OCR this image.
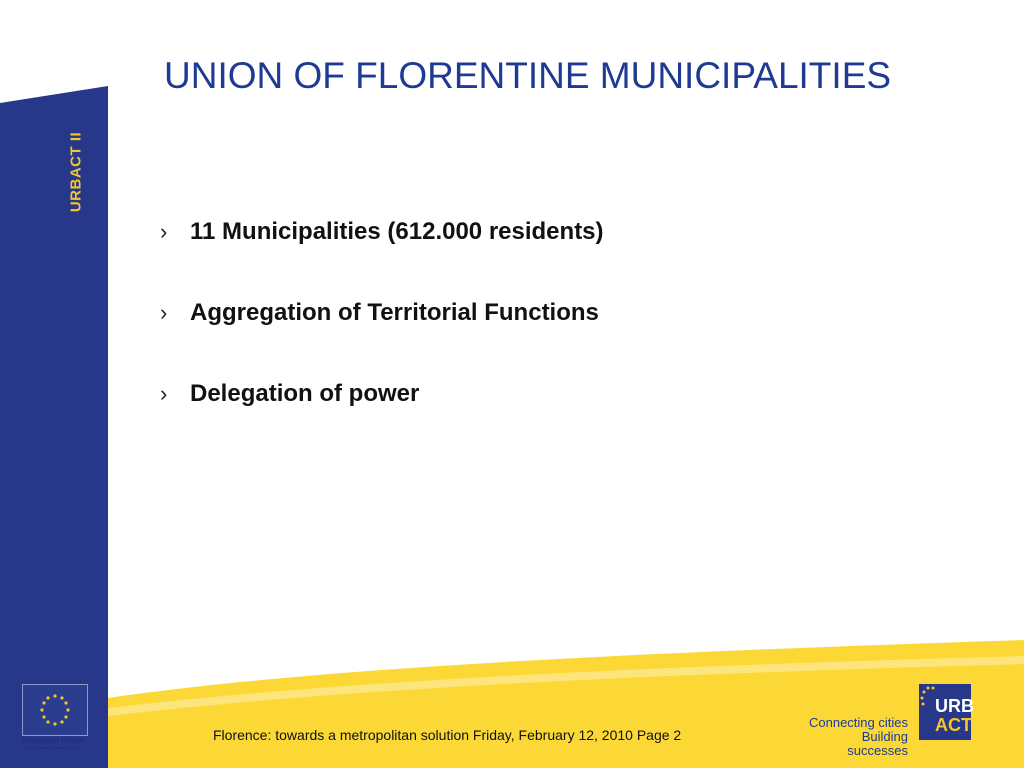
URBACT II
UNION OF FLORENTINE MUNICIPALITIES
› 11 Municipalities (612.000 residents)
› Aggregation of Territorial Functions
› Delegation of power
European Union
European Regional Development Fund
Florence: towards a metropolitan solution Friday, February 12, 2010 Page 2
Connecting cities
Building successes
URB
ACT
